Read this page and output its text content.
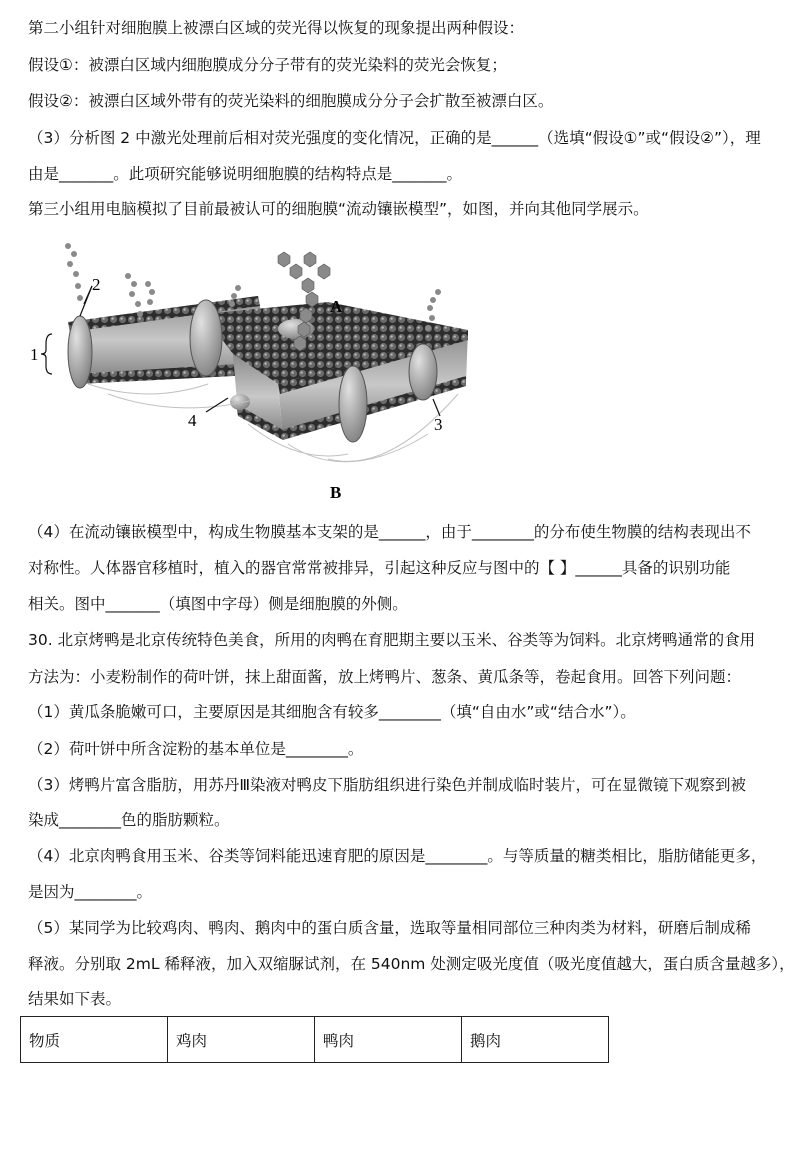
第二小组针对细胞膜上被漂白区域的荧光得以恢复的现象提出两种假设：
假设①：被漂白区域内细胞膜成分分子带有的荧光染料的荧光会恢复；
假设②：被漂白区域外带有的荧光染料的细胞膜成分分子会扩散至被漂白区。
（3）分析图 2 中激光处理前后相对荧光强度的变化情况，正确的是______（选填“假设①”或“假设②”），理
由是_______。此项研究能够说明细胞膜的结构特点是_______。
第三小组用电脑模拟了目前最被认可的细胞膜“流动镶嵌模型”，如图，并向其他同学展示。
1
2
3
4
A
B
（4）在流动镶嵌模型中，构成生物膜基本支架的是______，由于________的分布使生物膜的结构表现出不
对称性。人体器官移植时，植入的器官常常被排异，引起这种反应与图中的【 】______具备的识别功能
相关。图中_______（填图中字母）侧是细胞膜的外侧。
30. 北京烤鸭是北京传统特色美食，所用的肉鸭在育肥期主要以玉米、谷类等为饲料。北京烤鸭通常的食用
方法为：小麦粉制作的荷叶饼，抹上甜面酱，放上烤鸭片、葱条、黄瓜条等，卷起食用。回答下列问题：
（1）黄瓜条脆嫩可口，主要原因是其细胞含有较多________（填“自由水”或“结合水”）。
（2）荷叶饼中所含淀粉的基本单位是________。
（3）烤鸭片富含脂肪，用苏丹Ⅲ染液对鸭皮下脂肪组织进行染色并制成临时装片，可在显微镜下观察到被
染成________色的脂肪颗粒。
（4）北京肉鸭食用玉米、谷类等饲料能迅速育肥的原因是________。与等质量的糖类相比，脂肪储能更多，
是因为________。
（5）某同学为比较鸡肉、鸭肉、鹅肉中的蛋白质含量，选取等量相同部位三种肉类为材料，研磨后制成稀
释液。分别取 2mL 稀释液，加入双缩脲试剂，在 540nm 处测定吸光度值（吸光度值越大，蛋白质含量越多），
结果如下表。
物质	鸡肉	鸭肉	鹅肉
